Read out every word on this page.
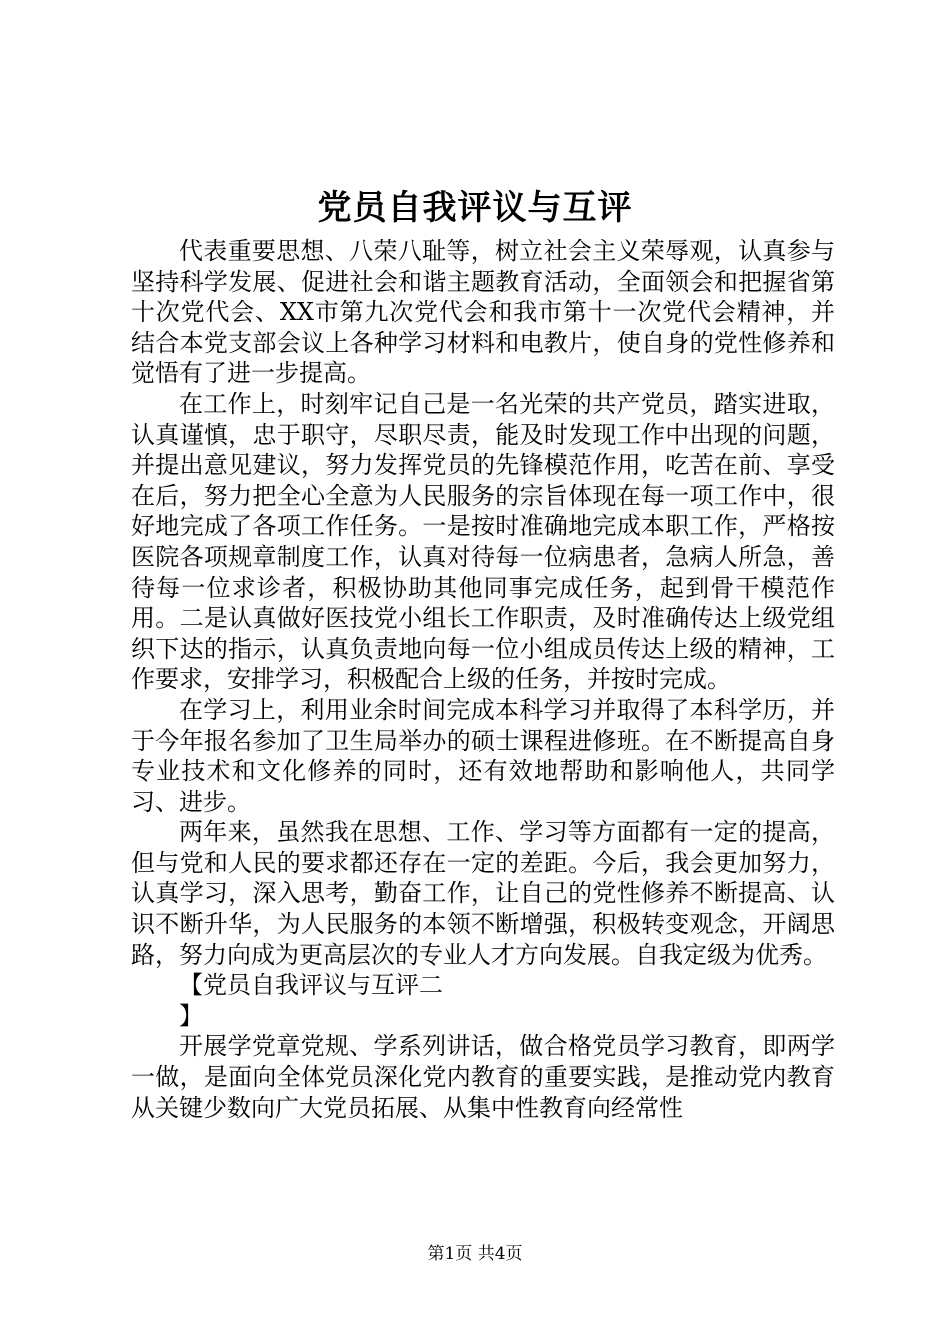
党员自我评议与互评

代表重要思想、八荣八耻等，树立社会主义荣辱观，认真参与坚持科学发展、促进社会和谐主题教育活动，全面领会和把握省第十次党代会、XX市第九次党代会和我市第十一次党代会精神，并结合本党支部会议上各种学习材料和电教片，使自身的党性修养和觉悟有了进一步提高。

在工作上，时刻牢记自己是一名光荣的共产党员，踏实进取，认真谨慎，忠于职守，尽职尽责，能及时发现工作中出现的问题，并提出意见建议，努力发挥党员的先锋模范作用，吃苦在前、享受在后，努力把全心全意为人民服务的宗旨体现在每一项工作中，很好地完成了各项工作任务。一是按时准确地完成本职工作，严格按医院各项规章制度工作，认真对待每一位病患者，急病人所急，善待每一位求诊者，积极协助其他同事完成任务，起到骨干模范作用。二是认真做好医技党小组长工作职责，及时准确传达上级党组织下达的指示，认真负责地向每一位小组成员传达上级的精神，工作要求，安排学习，积极配合上级的任务，并按时完成。

在学习上，利用业余时间完成本科学习并取得了本科学历，并于今年报名参加了卫生局举办的硕士课程进修班。在不断提高自身专业技术和文化修养的同时，还有效地帮助和影响他人，共同学习、进步。

两年来，虽然我在思想、工作、学习等方面都有一定的提高，但与党和人民的要求都还存在一定的差距。今后，我会更加努力，认真学习，深入思考，勤奋工作，让自己的党性修养不断提高、认识不断升华，为人民服务的本领不断增强，积极转变观念，开阔思路，努力向成为更高层次的专业人才方向发展。自我定级为优秀。

【党员自我评议与互评二

】

开展学党章党规、学系列讲话，做合格党员学习教育，即两学一做，是面向全体党员深化党内教育的重要实践，是推动党内教育从关键少数向广大党员拓展、从集中性教育向经常性

第1页 共4页
